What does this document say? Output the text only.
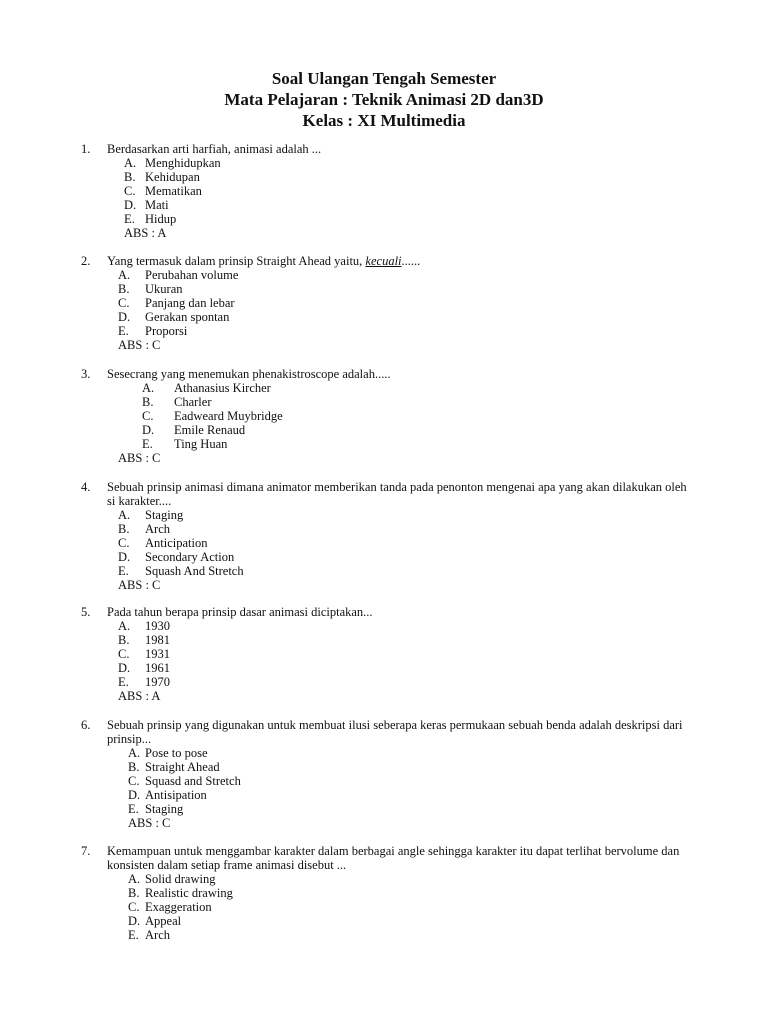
Soal Ulangan Tengah Semester
Mata Pelajaran : Teknik Animasi 2D dan3D
Kelas : XI Multimedia
1. Berdasarkan arti harfiah, animasi adalah ...
A. Menghidupkan
B. Kehidupan
C. Mematikan
D. Mati
E. Hidup
ABS : A
2. Yang termasuk dalam prinsip Straight Ahead yaitu, kecuali......
A. Perubahan volume
B. Ukuran
C. Panjang dan lebar
D. Gerakan spontan
E. Proporsi
ABS : C
3. Sesecrang yang menemukan phenakistroscope adalah.....
A. Athanasius Kircher
B. Charler
C. Eadweard Muybridge
D. Emile Renaud
E. Ting Huan
ABS : C
4. Sebuah prinsip animasi dimana animator memberikan tanda pada penonton mengenai apa yang akan dilakukan oleh si karakter....
A. Staging
B. Arch
C. Anticipation
D. Secondary Action
E. Squash And Stretch
ABS : C
5. Pada tahun berapa prinsip dasar animasi diciptakan...
A. 1930
B. 1981
C. 1931
D. 1961
E. 1970
ABS : A
6. Sebuah prinsip yang digunakan untuk membuat ilusi seberapa keras permukaan sebuah benda adalah deskripsi dari prinsip...
A. Pose to pose
B. Straight Ahead
C. Squasd and Stretch
D. Antisipation
E. Staging
ABS : C
7. Kemampuan untuk menggambar karakter dalam berbagai angle sehingga karakter itu dapat terlihat bervolume dan konsisten dalam setiap frame animasi disebut ...
A. Solid drawing
B. Realistic drawing
C. Exaggeration
D. Appeal
E. Arch
